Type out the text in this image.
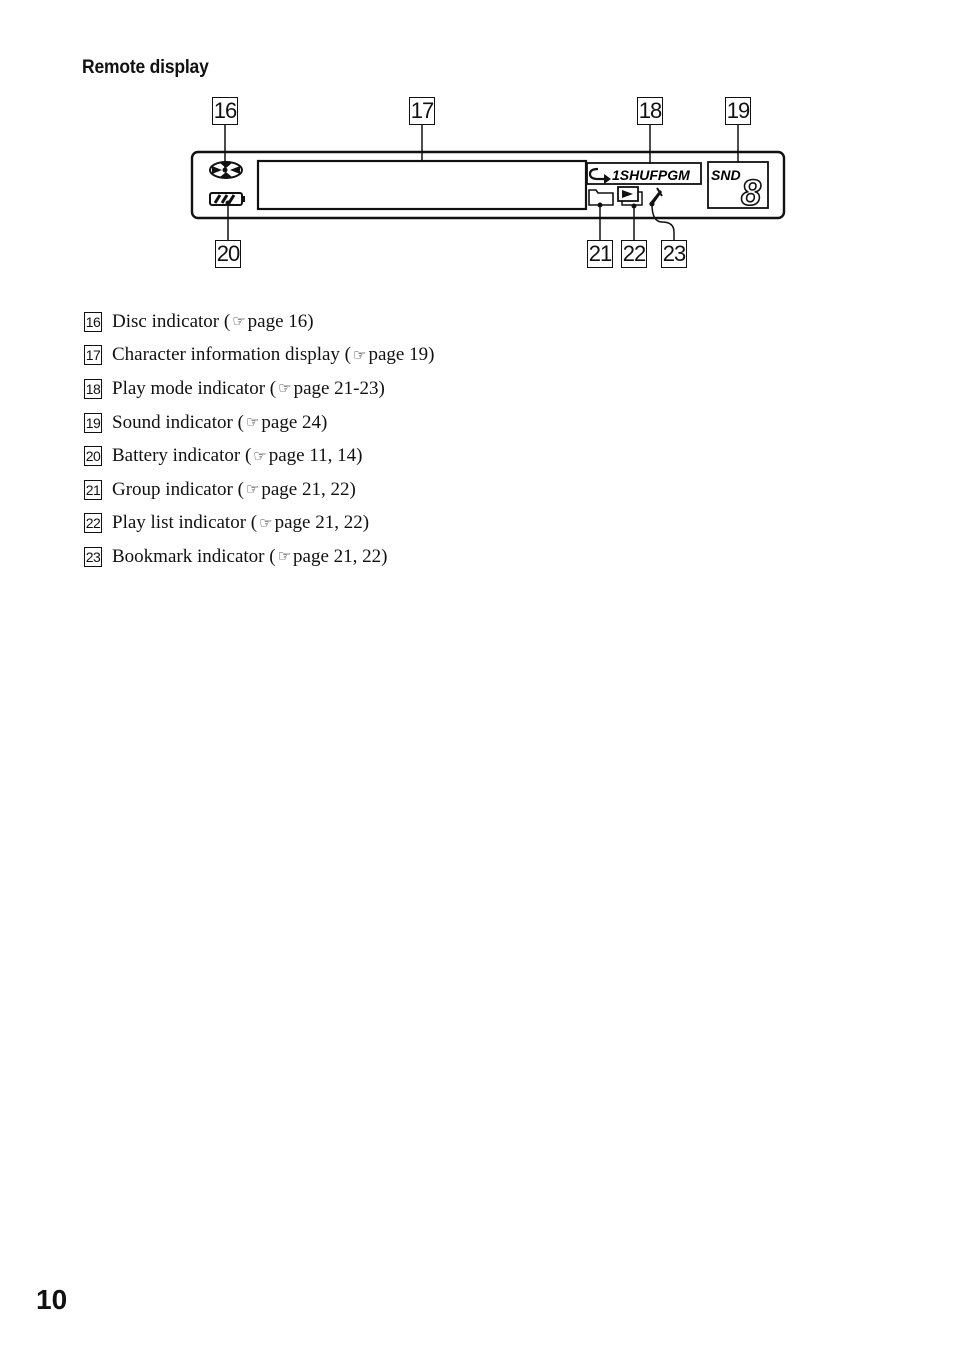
Remote display
16	17	18	19
20	21 22 23
1SHUFPGM SND 8
16 Disc indicator ( ☞ page 16)
17 Character information display ( ☞ page 19)
18 Play mode indicator ( ☞ page 21-23)
19 Sound indicator ( ☞ page 24)
20 Battery indicator ( ☞ page 11, 14)
21 Group indicator ( ☞ page 21, 22)
22 Play list indicator ( ☞ page 21, 22)
23 Bookmark indicator ( ☞ page 21, 22)
10
